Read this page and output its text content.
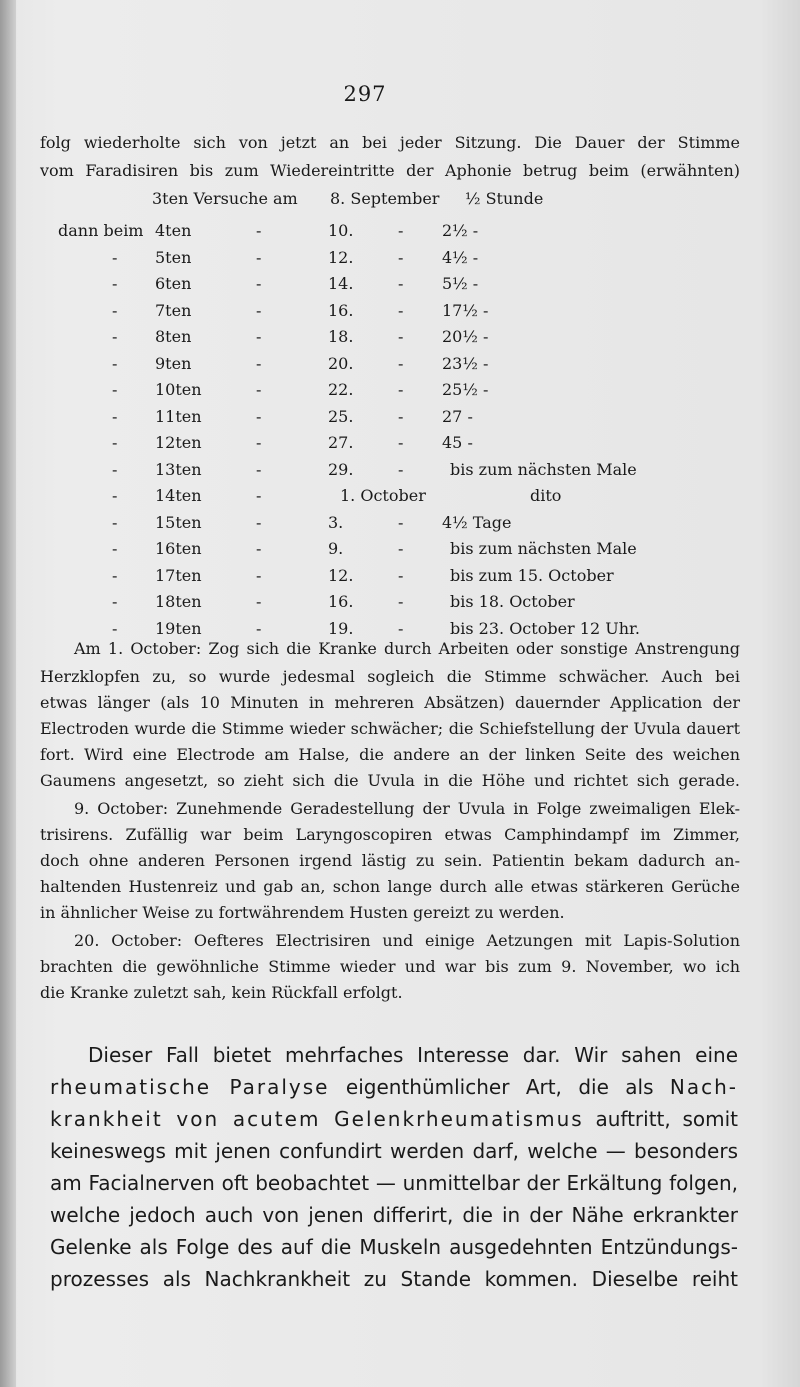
297
folg wiederholte sich von jetzt an bei jeder Sitzung. Die Dauer der Stimme
vom Faradisiren bis zum Wiedereintritte der Aphonie betrug beim (erwähnten)
3ten Versuche am 8. September ½ Stunde
dann beim 4ten	-	10.	- 2½ -
- 5ten	-	12.	- 4½ -
- 6ten	-	14.	- 5½ -
- 7ten	-	16.	- 17½ -
- 8ten	-	18.	- 20½ -
- 9ten	-	20.	- 23½ -
- 10ten	-	22.	- 25½ -
- 11ten	-	25.	- 27 -
- 12ten	-	27.	- 45 -
- 13ten	-	29.	-	bis zum nächsten Male
- 14ten	-	1. October	dito
- 15ten	-	3.	- 4½ Tage
- 16ten	-	9.	-	bis zum nächsten Male
- 17ten	-	12.	-	bis zum 15. October
- 18ten	-	16.	-	bis 18. October
- 19ten	-	19.	-	bis 23. October 12 Uhr.
Am 1. October: Zog sich die Kranke durch Arbeiten oder sonstige Anstrengung
Herzklopfen zu, so wurde jedesmal sogleich die Stimme schwächer. Auch bei
etwas länger (als 10 Minuten in mehreren Absätzen) dauernder Application der
Electroden wurde die Stimme wieder schwächer; die Schiefstellung der Uvula dauert
fort. Wird eine Electrode am Halse, die andere an der linken Seite des weichen
Gaumens angesetzt, so zieht sich die Uvula in die Höhe und richtet sich gerade.
9. October: Zunehmende Geradestellung der Uvula in Folge zweimaligen Elek-
trisirens. Zufällig war beim Laryngoscopiren etwas Camphindampf im Zimmer,
doch ohne anderen Personen irgend lästig zu sein. Patientin bekam dadurch an-
haltenden Hustenreiz und gab an, schon lange durch alle etwas stärkeren Gerüche
in ähnlicher Weise zu fortwährendem Husten gereizt zu werden.
20. October: Oefteres Electrisiren und einige Aetzungen mit Lapis-Solution
brachten die gewöhnliche Stimme wieder und war bis zum 9. November, wo ich
die Kranke zuletzt sah, kein Rückfall erfolgt.
Dieser Fall bietet mehrfaches Interesse dar. Wir sahen eine
rheumatische Paralyse eigenthümlicher Art, die als Nach-
krankheit von acutem Gelenkrheumatismus auftritt, somit
keineswegs mit jenen confundirt werden darf, welche — besonders
am Facialnerven oft beobachtet — unmittelbar der Erkältung folgen,
welche jedoch auch von jenen differirt, die in der Nähe erkrankter
Gelenke als Folge des auf die Muskeln ausgedehnten Entzündungs-
prozesses als Nachkrankheit zu Stande kommen. Dieselbe reiht
